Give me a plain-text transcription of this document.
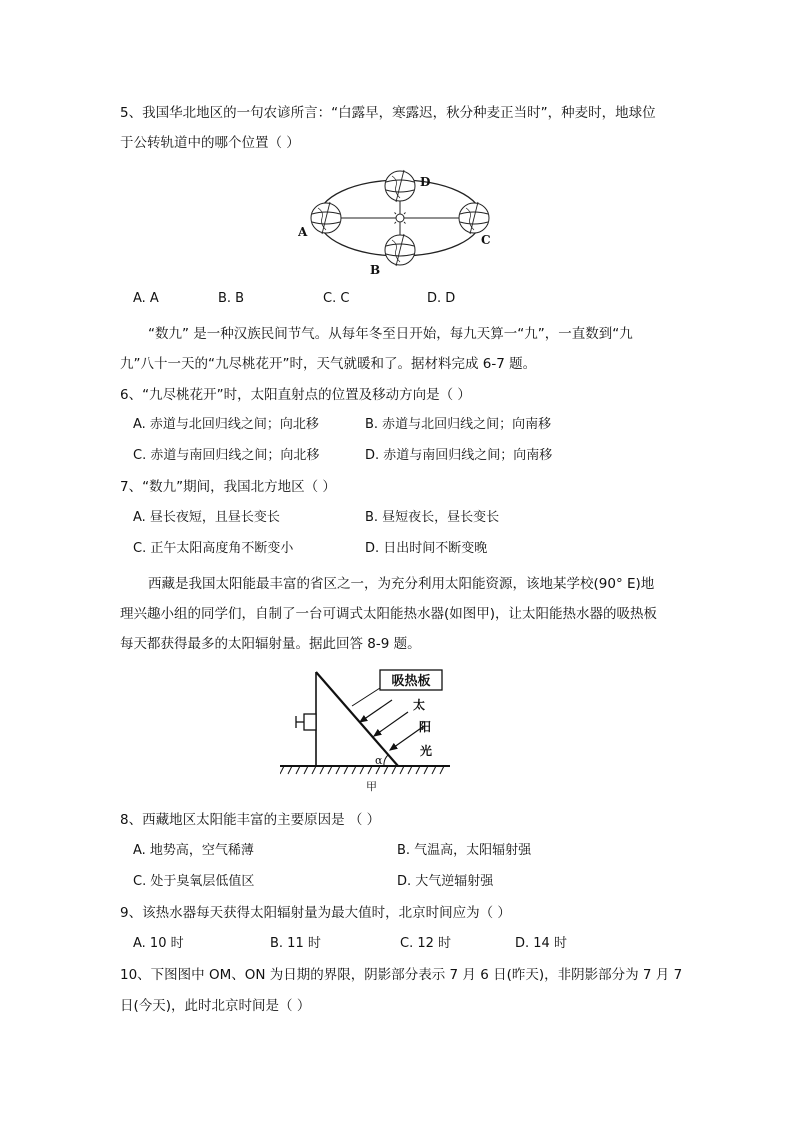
5、我国华北地区的一句农谚所言：“白露早，寒露迟，秋分种麦正当时”，种麦时，地球位
于公转轨道中的哪个位置（ ）
A
B
C
D
A. A	B. B	C. C	D. D
“数九” 是一种汉族民间节气。从每年冬至日开始，每九天算一“九”，一直数到“九
九”八十一天的“九尽桃花开”时，天气就暖和了。据材料完成 6-7 题。
6、“九尽桃花开”时，太阳直射点的位置及移动方向是（ ）
A. 赤道与北回归线之间；向北移	B. 赤道与北回归线之间；向南移
C. 赤道与南回归线之间；向北移	D. 赤道与南回归线之间；向南移
7、“数九”期间，我国北方地区（ ）
A. 昼长夜短，且昼长变长	B. 昼短夜长，昼长变长
C. 正午太阳高度角不断变小	D. 日出时间不断变晚
西藏是我国太阳能最丰富的省区之一，为充分利用太阳能资源，该地某学校(90° E)地
理兴趣小组的同学们，自制了一台可调式太阳能热水器(如图甲)，让太阳能热水器的吸热板
每天都获得最多的太阳辐射量。据此回答 8-9 题。
吸热板
太
阳
光
α
甲
8、西藏地区太阳能丰富的主要原因是 （ ）
A. 地势高，空气稀薄	B. 气温高，太阳辐射强
C. 处于臭氧层低值区	D. 大气逆辐射强
9、该热水器每天获得太阳辐射量为最大值时，北京时间应为（ ）
A. 10 时	B. 11 时	C. 12 时	D. 14 时
10、下图图中 OM、ON 为日期的界限，阴影部分表示 7 月 6 日(昨天)，非阴影部分为 7 月 7
日(今天)，此时北京时间是（ ）
